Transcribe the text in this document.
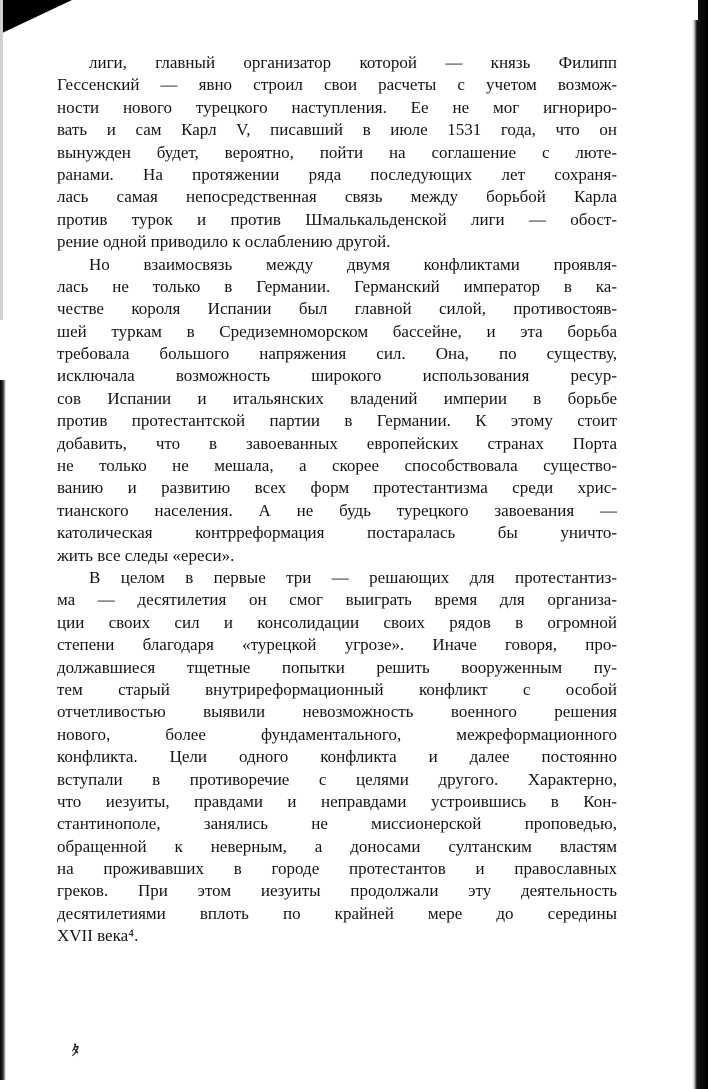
лиги, главный организатор которой — князь Филипп
Гессенский — явно строил свои расчеты с учетом возмож-
ности нового турецкого наступления. Ее не мог игнориро-
вать и сам Карл V, писавший в июле 1531 года, что он
вынужден будет, вероятно, пойти на соглашение с люте-
ранами. На протяжении ряда последующих лет сохраня-
лась самая непосредственная связь между борьбой Карла
против турок и против Шмалькальденской лиги — обост-
рение одной приводило к ослаблению другой.
Но взаимосвязь между двумя конфликтами проявля-
лась не только в Германии. Германский император в ка-
честве короля Испании был главной силой, противостояв-
шей туркам в Средиземноморском бассейне, и эта борьба
требовала большого напряжения сил. Она, по существу,
исключала возможность широкого использования ресур-
сов Испании и итальянских владений империи в борьбе
против протестантской партии в Германии. К этому стоит
добавить, что в завоеванных европейских странах Порта
не только не мешала, а скорее способствовала существо-
ванию и развитию всех форм протестантизма среди хрис-
тианского населения. А не будь турецкого завоевания —
католическая контрреформация постаралась бы уничто-
жить все следы «ереси».
В целом в первые три — решающих для протестантиз-
ма — десятилетия он смог выиграть время для организа-
ции своих сил и консолидации своих рядов в огромной
степени благодаря «турецкой угрозе». Иначе говоря, про-
должавшиеся тщетные попытки решить вооруженным пу-
тем старый внутриреформационный конфликт с особой
отчетливостью выявили невозможность военного решения
нового, более фундаментального, межреформационного
конфликта. Цели одного конфликта и далее постоянно
вступали в противоречие с целями другого. Характерно,
что иезуиты, правдами и неправдами устроившись в Кон-
стантинополе, занялись не миссионерской проповедью,
обращенной к неверным, а доносами султанским властям
на проживавших в городе протестантов и православных
греков. При этом иезуиты продолжали эту деятельность
десятилетиями вплоть по крайней мере до середины
XVII века⁴.
ﾀ
